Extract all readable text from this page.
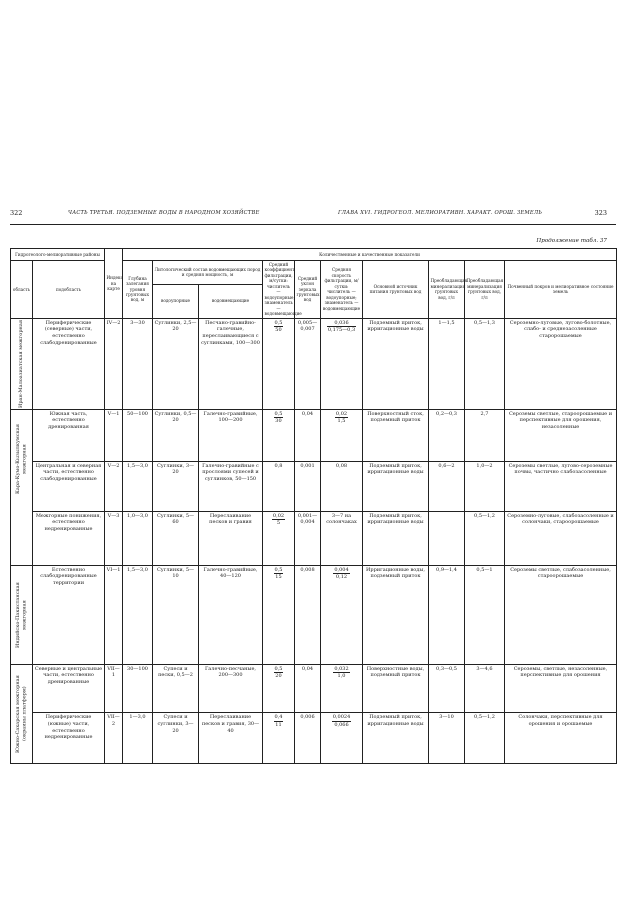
322	ЧАСТЬ ТРЕТЬЯ. ПОДЗЕМНЫЕ ВОДЫ В НАРОДНОМ ХОЗЯЙСТВЕ	ГЛАВА XVI. ГИДРОГЕОЛ. МЕЛИОРАТИВН. ХАРАКТ. ОРОШ. ЗЕМЕЛЬ	323
Продолжение табл. 37
Гидрогеолого-мелиоративные районы		Индекс на карте	Количественные и качественные показатели									
область	подобласть		Глубина залегания уровня грунтовых вод, м	Литологический состав водовмещающих пород и средняя мощность, м		Средний коэффициент фильтрации, м/сутки: числитель — водоупорные; знаменатель — водовмещающие	Средний уклон зеркала грунтовых вод	Средняя скорость фильтрации, м/сутки: числитель — водоупорные; знаменатель — водовмещающие	Основной источник питания грунтовых вод	Преобладающая минерализация грунтовых вод, г/л	Преобладающая минерализация грунтовых вод, г/л	Почвенный покров и мелиоративное состояние земель
				водоупорные	водовмещающие							

Иран-Малоазиатская межгорная	Периферические (северные) части, естественно слабодренированные	IV—2	3—30	Суглинки, 2,5—20	Песчано-гравийно-галечные, переслаивающиеся с суглинками, 100—300	$\frac{0,5}{50}$	0,005—0,007	$\frac{0,036}{0,175—0,3}$	Подземный приток, ирригационные воды	1—1,5	0,5—1,3	Сероземно-луговые, лугово-болотные, слабо- и среднезасоленные старорошаемые

Кара-Кумо-Кызылкумская межгорная	Южная часть, естественно дренированная	V—1	50—100	Суглинки, 0,5—20	Галечно-гравийные, 100—200	$\frac{0,5}{30}$	0,04	$\frac{0,02}{1,5}$	Поверхностный сток, подземный приток	0,2—0,3	2,7	Сероземы светлые, староорошаемые и перспективные для орошения, незасоленные
	Центральная и северная части, естественно слабодренированные	V—2	1,5—3,0	Суглинки, 3—20	Галечно-гравийные с прослоями супесей и суглинков, 50—150	0,8	0,001	0,08	Подземный приток, ирригационные воды	0,6—2	1,0—2	Сероземы светлые, лугово-сероземные почвы, частично слабозасоленные
	Межгорные понижения, естественно недренированные	V—3	1,0—3,0	Суглинки, 5—60	Переслаивание песков и гравия	$\frac{0,02}{5}$	0,001—0,004	3—7 на солончаках	Подземный приток, ирригационные воды		0,5—1,2	Сероземно-луговые, слабозасоленные и солончаки, староорошаемые

Индийско-Пакистанская межгорная	Естественно слабодренированные территории	VI—1	1,5—3,0	Суглинки, 5—10	Галечно-гравийные, 40—120	$\frac{0,5}{15}$	0,008	$\frac{0,004}{0,12}$	Ирригационные воды, подземный приток	0,9—1,4	0,5—1	Сероземы светлые, слабозасоленные, староорошаемые

Южно-Сахарская межгорная (окраины платформ)	Северные и центральные части, естественно дренированные	VII—1	30—100	Супеси и пески, 0,5—2	Галечно-песчаные, 200—300	$\frac{0,5}{20}$	0,04	$\frac{0,032}{1,0}$	Поверхностные воды, подземный приток	0,3—0,5	3—4,6	Сероземы, светлые, незасоленные, перспективные для орошения
	Периферические (южные) части, естественно недренированные	VII—2	1—3,0	Супеси и суглинки, 3—20	Переслаивание песков и гравия, 30—40	$\frac{0,4}{11}$	0,006	$\frac{0,0024}{0,066}$	Подземный приток, ирригационные воды	3—10	0,5—1,2	Солончаки, перспективные для орошения и орошаемые
